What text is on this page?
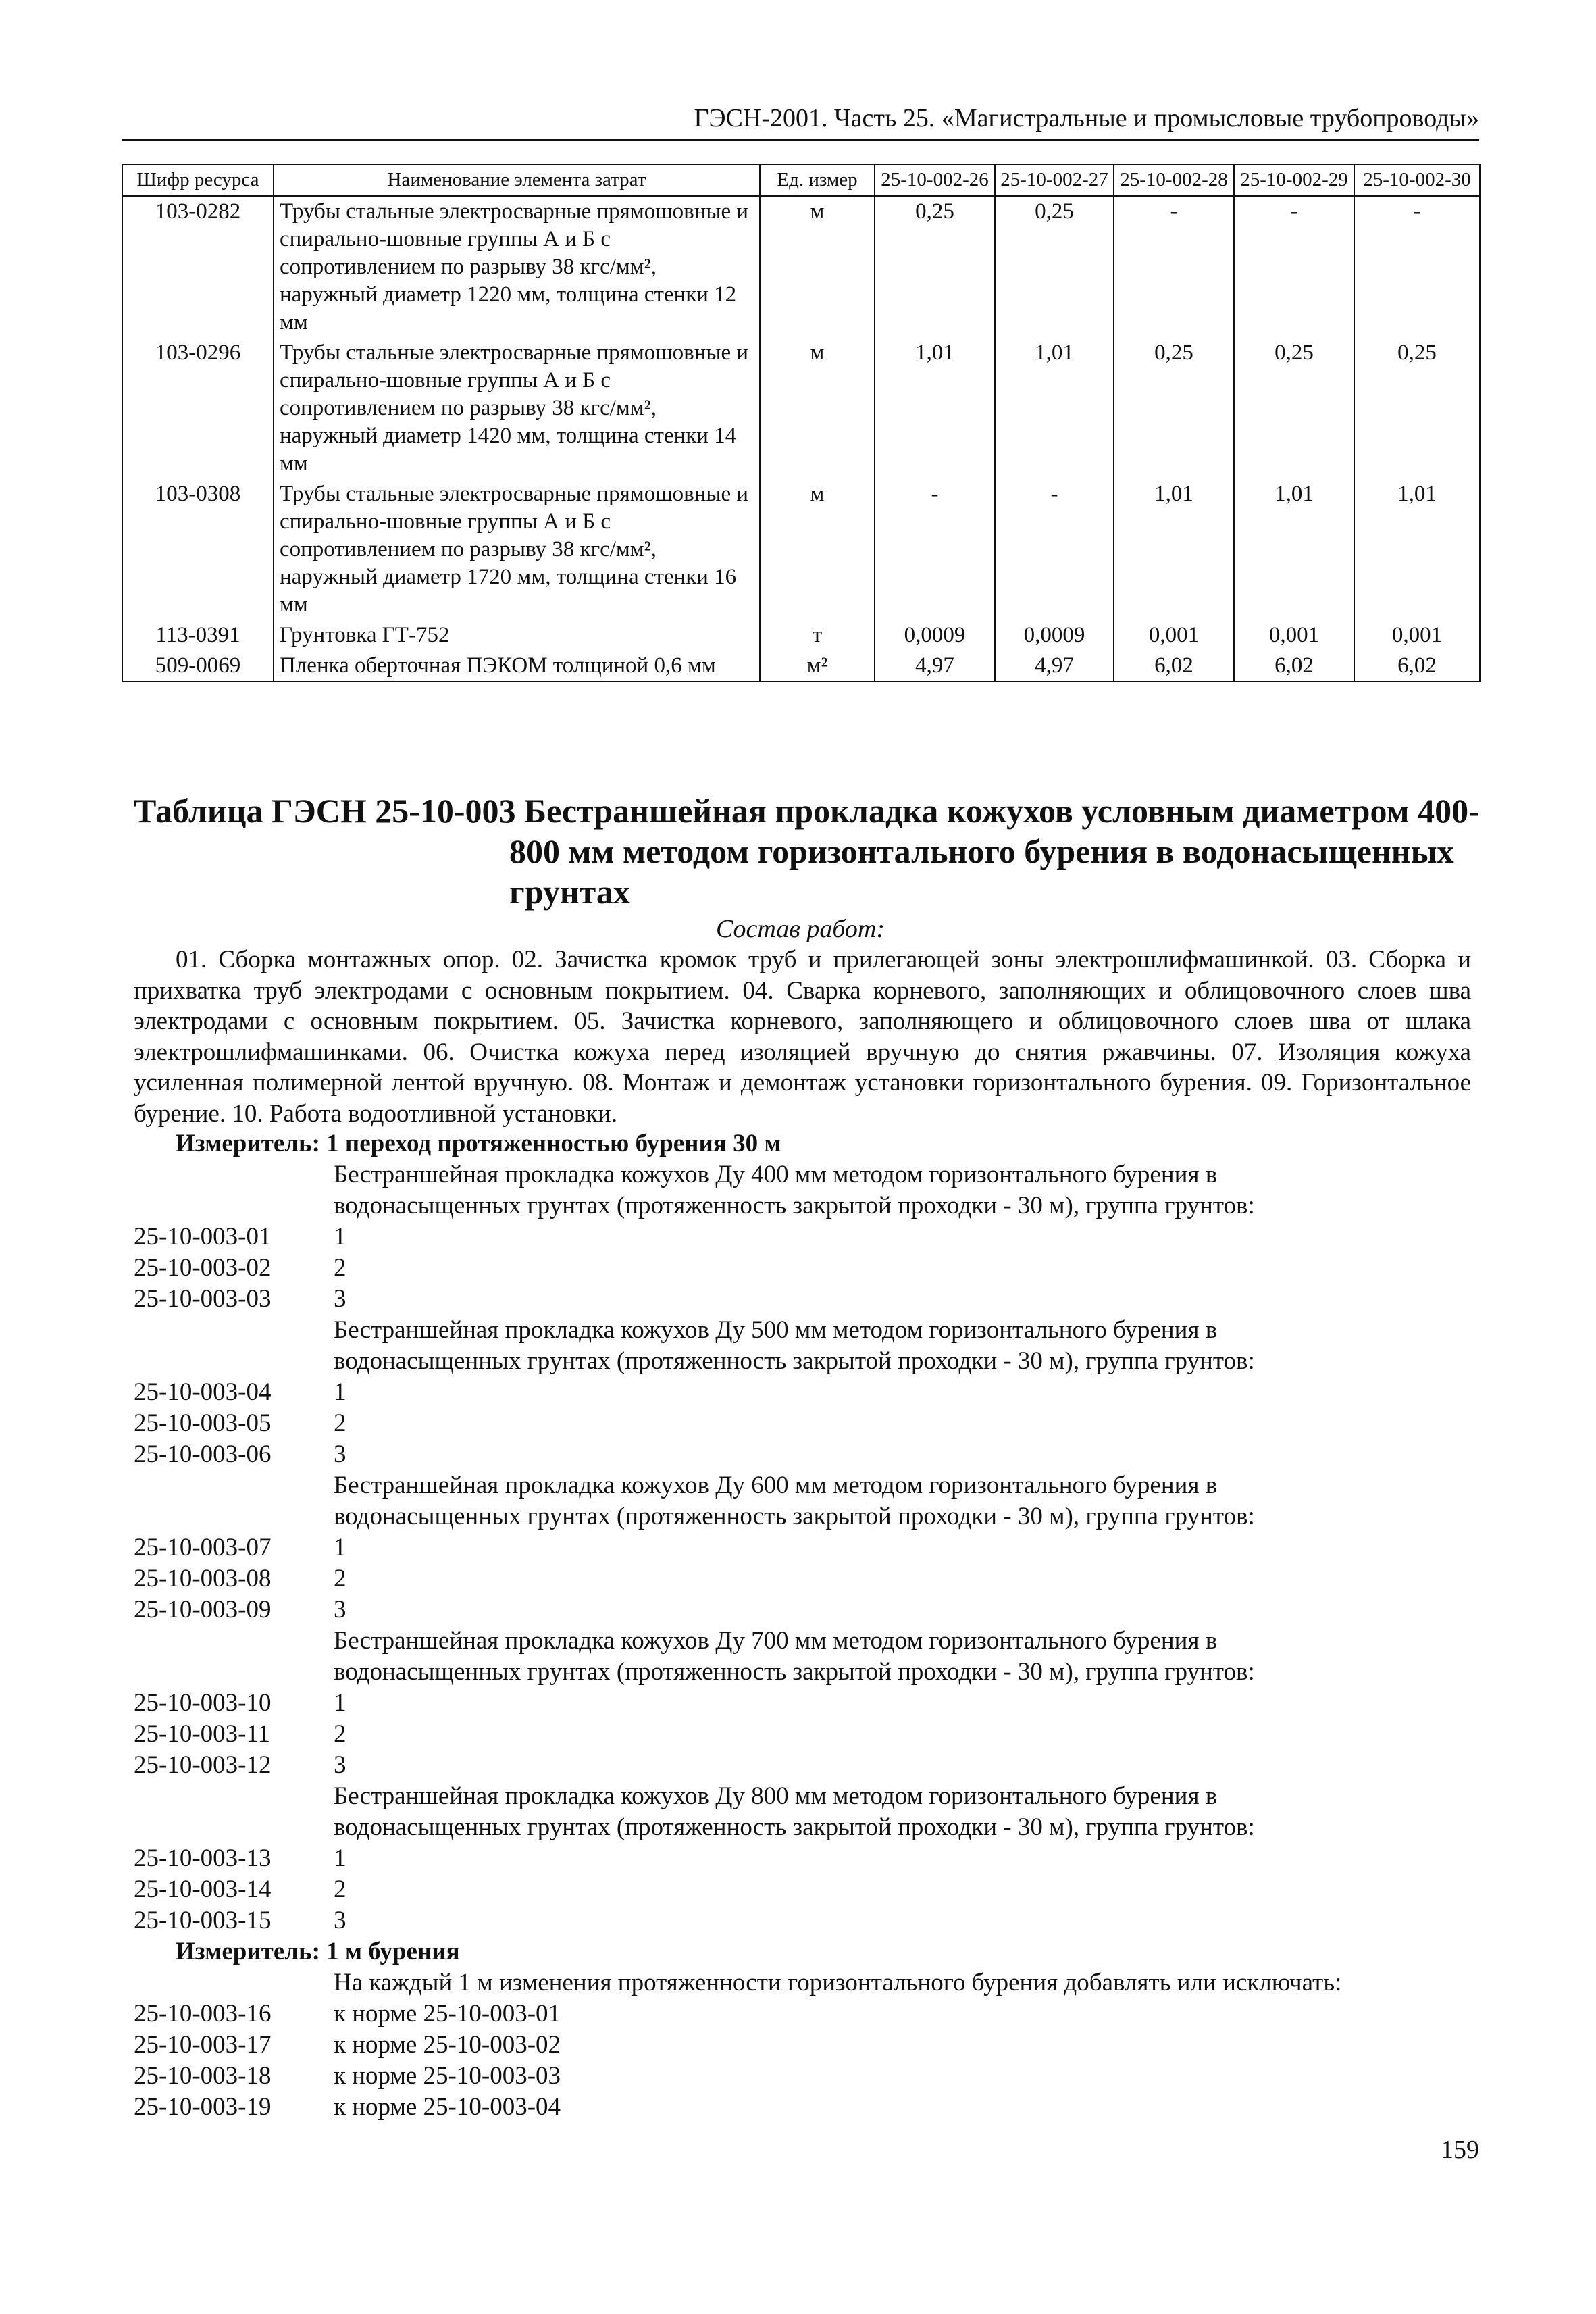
ГЭСН-2001. Часть 25. «Магистральные и промысловые трубопроводы»
Шифр ресурса	Наименование элемента затрат	Ед. измер	25-10-002-26	25-10-002-27	25-10-002-28	25-10-002-29	25-10-002-30
103-0282	Трубы стальные электросварные прямошовные и спирально-шовные группы А и Б с сопротивлением по разрыву 38 кгс/мм², наружный диаметр 1220 мм, толщина стенки 12 мм	м	0,25	0,25	-	-	-
103-0296	Трубы стальные электросварные прямошовные и спирально-шовные группы А и Б с сопротивлением по разрыву 38 кгс/мм², наружный диаметр 1420 мм, толщина стенки 14 мм	м	1,01	1,01	0,25	0,25	0,25
103-0308	Трубы стальные электросварные прямошовные и спирально-шовные группы А и Б с сопротивлением по разрыву 38 кгс/мм², наружный диаметр 1720 мм, толщина стенки 16 мм	м	-	-	1,01	1,01	1,01
113-0391	Грунтовка ГТ-752	т	0,0009	0,0009	0,001	0,001	0,001
509-0069	Пленка оберточная ПЭКОМ толщиной 0,6 мм	м²	4,97	4,97	6,02	6,02	6,02
Таблица ГЭСН 25-10-003 Бестраншейная прокладка кожухов условным диаметром 400-
800 мм методом горизонтального бурения в водонасыщенных грунтах
Состав работ:
01. Сборка монтажных опор. 02. Зачистка кромок труб и прилегающей зоны электрошлифмашинкой. 03. Сборка и прихватка труб электродами с основным покрытием. 04. Сварка корневого, заполняющих и облицовочного слоев шва электродами с основным покрытием. 05. Зачистка корневого, заполняющего и облицовочного слоев шва от шлака электрошлифмашинками. 06. Очистка кожуха перед изоляцией вручную до снятия ржавчины. 07. Изоляция кожуха усиленная полимерной лентой вручную. 08. Монтаж и демонтаж установки горизонтального бурения. 09. Горизонтальное бурение. 10. Работа водоотливной установки.
Измеритель: 1 переход протяженностью бурения 30 м
Бестраншейная прокладка кожухов Ду 400 мм методом горизонтального бурения в
водонасыщенных грунтах (протяженность закрытой проходки - 30 м), группа грунтов:
25-10-003-01	1
25-10-003-02	2
25-10-003-03	3
Бестраншейная прокладка кожухов Ду 500 мм методом горизонтального бурения в
водонасыщенных грунтах (протяженность закрытой проходки - 30 м), группа грунтов:
25-10-003-04	1
25-10-003-05	2
25-10-003-06	3
Бестраншейная прокладка кожухов Ду 600 мм методом горизонтального бурения в
водонасыщенных грунтах (протяженность закрытой проходки - 30 м), группа грунтов:
25-10-003-07	1
25-10-003-08	2
25-10-003-09	3
Бестраншейная прокладка кожухов Ду 700 мм методом горизонтального бурения в
водонасыщенных грунтах (протяженность закрытой проходки - 30 м), группа грунтов:
25-10-003-10	1
25-10-003-11	2
25-10-003-12	3
Бестраншейная прокладка кожухов Ду 800 мм методом горизонтального бурения в
водонасыщенных грунтах (протяженность закрытой проходки - 30 м), группа грунтов:
25-10-003-13	1
25-10-003-14	2
25-10-003-15	3
Измеритель: 1 м бурения
На каждый 1 м изменения протяженности горизонтального бурения добавлять или исключать:
25-10-003-16	к норме 25-10-003-01
25-10-003-17	к норме 25-10-003-02
25-10-003-18	к норме 25-10-003-03
25-10-003-19	к норме 25-10-003-04
159
